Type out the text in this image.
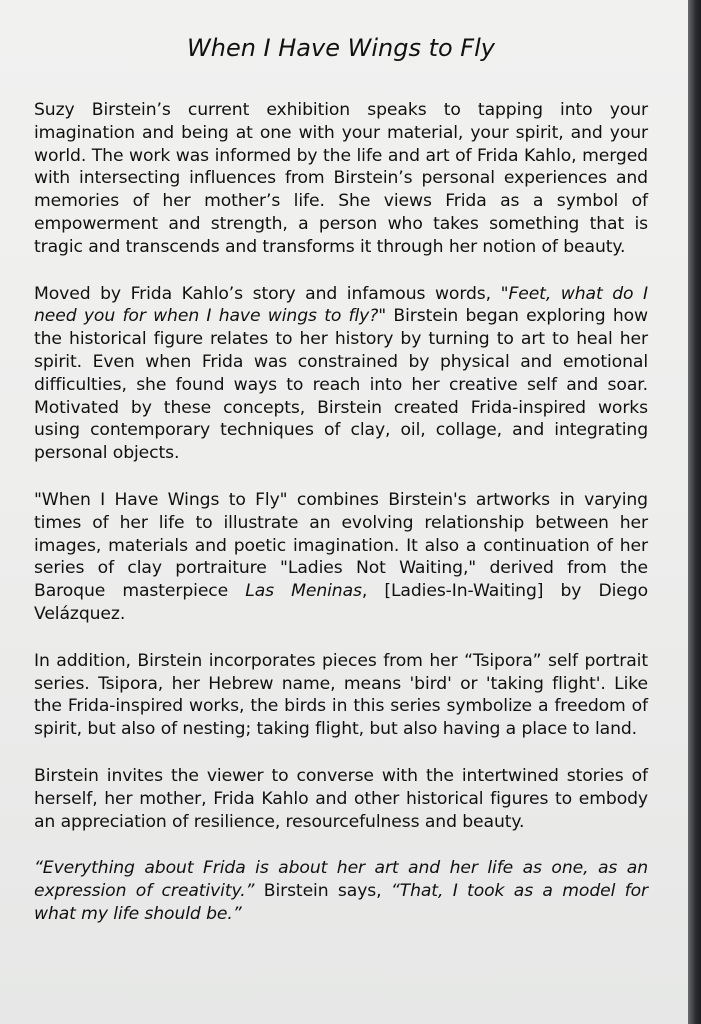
When I Have Wings to Fly

Suzy Birstein’s current exhibition speaks to tapping into your imagination and being at one with your material, your spirit, and your world. The work was informed by the life and art of Frida Kahlo, merged with intersecting influences from Birstein’s personal experiences and memories of her mother’s life. She views Frida as a symbol of empowerment and strength, a person who takes something that is tragic and transcends and transforms it through her notion of beauty.

Moved by Frida Kahlo’s story and infamous words, "Feet, what do I need you for when I have wings to fly?" Birstein began exploring how the historical figure relates to her history by turning to art to heal her spirit. Even when Frida was constrained by physical and emotional difficulties, she found ways to reach into her creative self and soar. Motivated by these concepts, Birstein created Frida-inspired works using contemporary techniques of clay, oil, collage, and integrating personal objects.

"When I Have Wings to Fly" combines Birstein's artworks in varying times of her life to illustrate an evolving relationship between her images, materials and poetic imagination. It also a continuation of her series of clay portraiture "Ladies Not Waiting," derived from the Baroque masterpiece Las Meninas, [Ladies-In-Waiting] by Diego Velázquez.

In addition, Birstein incorporates pieces from her “Tsipora” self portrait series. Tsipora, her Hebrew name, means 'bird' or 'taking flight'. Like the Frida-inspired works, the birds in this series symbolize a freedom of spirit, but also of nesting; taking flight, but also having a place to land.

Birstein invites the viewer to converse with the intertwined stories of herself, her mother, Frida Kahlo and other historical figures to embody an appreciation of resilience, resourcefulness and beauty.

“Everything about Frida is about her art and her life as one, as an expression of creativity.” Birstein says, “That, I took as a model for what my life should be.”
